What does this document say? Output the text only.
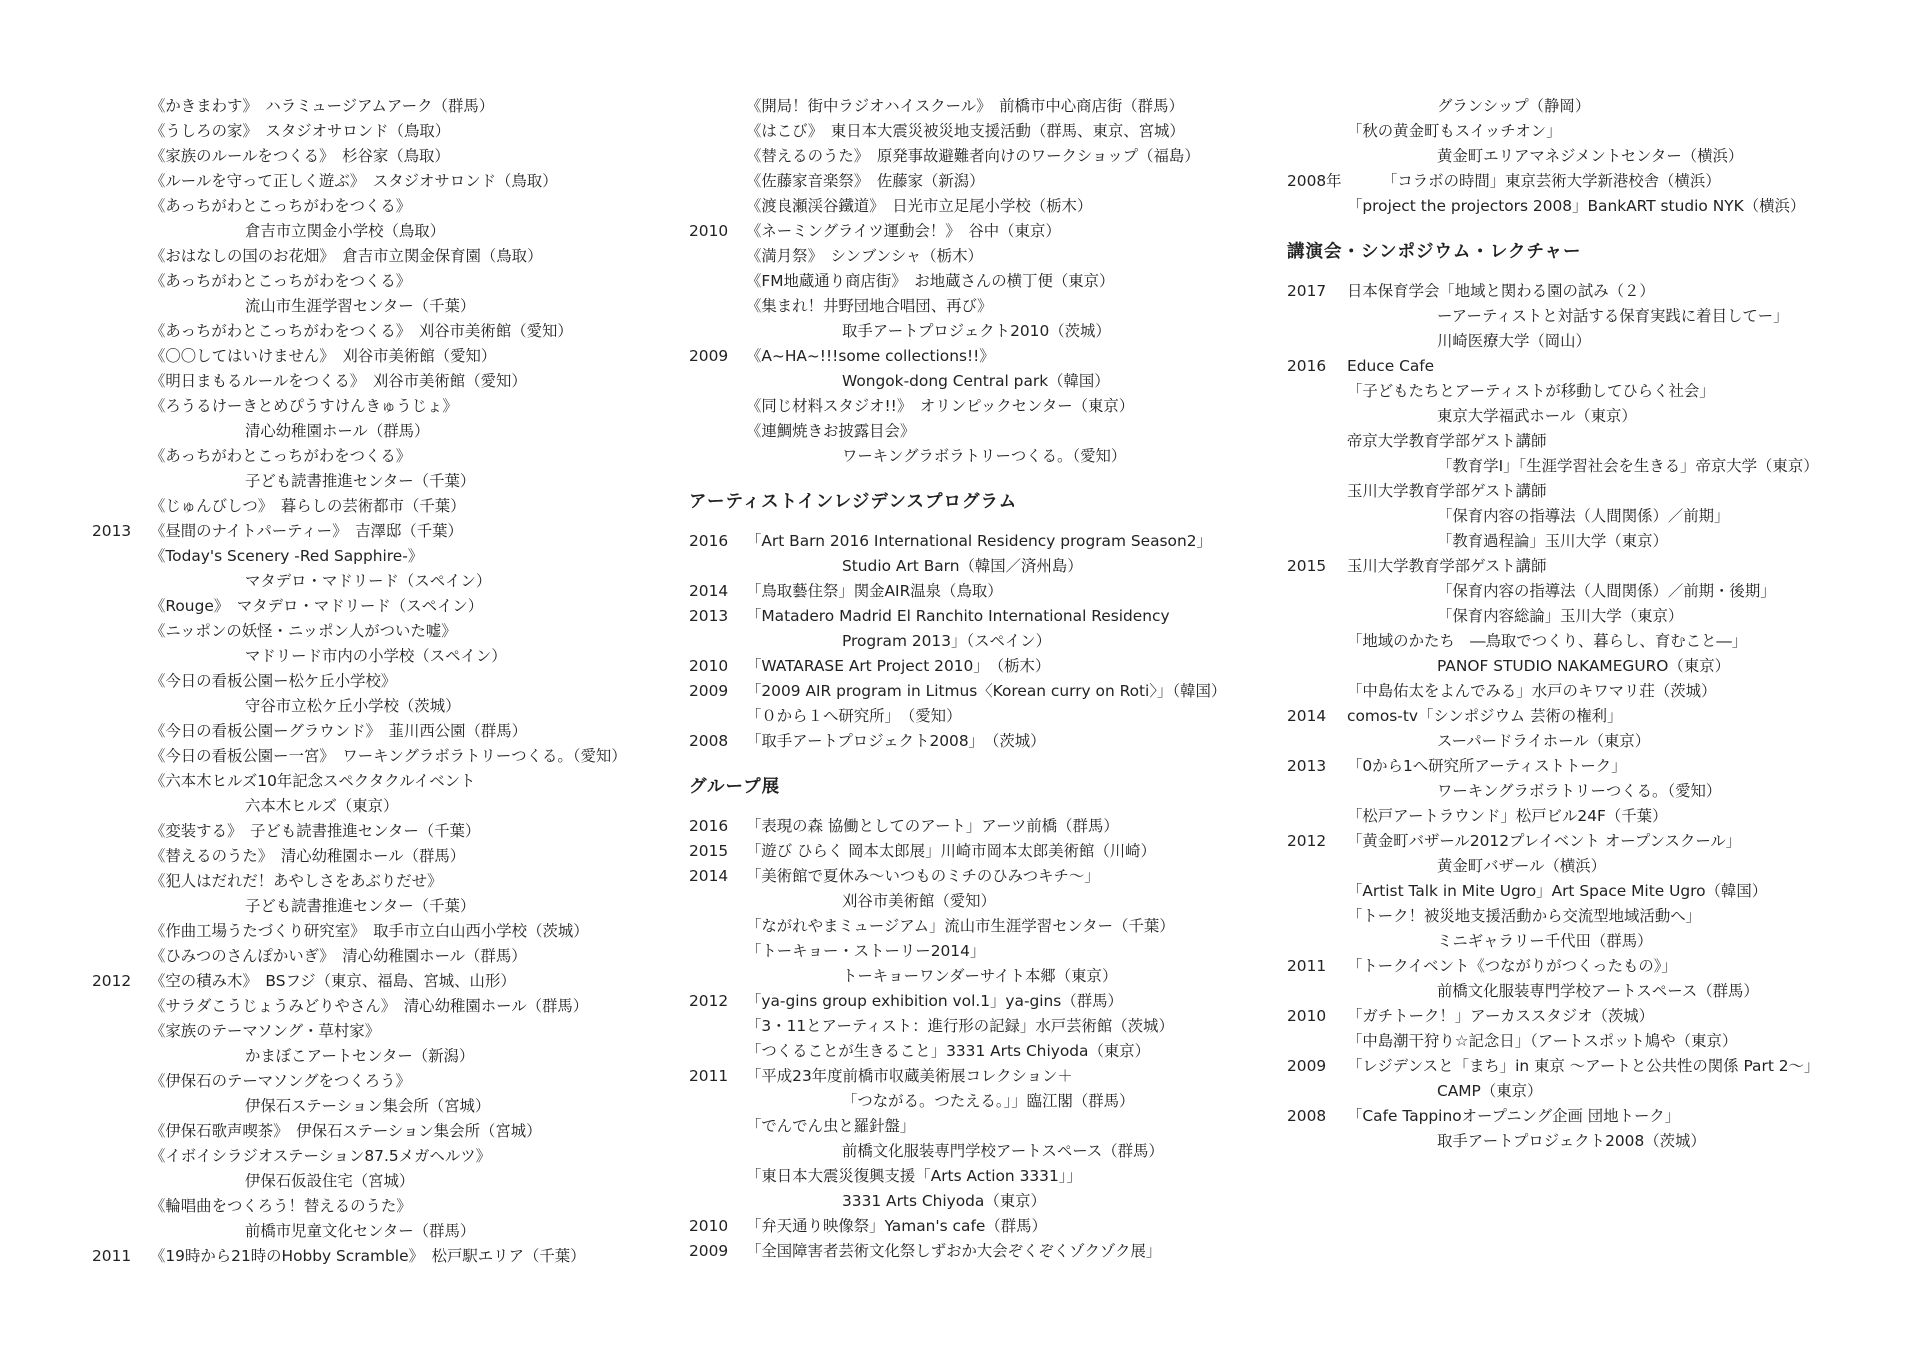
《かきまわす》　ハラミュージアムアーク（群馬）
《うしろの家》　スタジオサロンド（鳥取）
《家族のルールをつくる》　杉谷家（鳥取）
《ルールを守って正しく遊ぶ》　スタジオサロンド（鳥取）
《あっちがわとこっちがわをつくる》
倉吉市立関金小学校（鳥取）
《おはなしの国のお花畑》　倉吉市立関金保育園（鳥取）
《あっちがわとこっちがわをつくる》
流山市生涯学習センター（千葉）
《あっちがわとこっちがわをつくる》　刈谷市美術館（愛知）
《〇〇してはいけません》　刈谷市美術館（愛知）
《明日まもるルールをつくる》　刈谷市美術館（愛知）
《ろうるけーきとめぴうすけんきゅうじょ》
清心幼稚園ホール（群馬）
《あっちがわとこっちがわをつくる》
子ども読書推進センター（千葉）
《じゅんびしつ》　暮らしの芸術都市（千葉）
2013 《昼間のナイトパーティー》　吉澤邸（千葉）
《Today's Scenery -Red Sapphire-》
マタデロ・マドリード（スペイン）
《Rouge》　マタデロ・マドリード（スペイン）
《ニッポンの妖怪・ニッポン人がついた嘘》
マドリード市内の小学校（スペイン）
《今日の看板公園ー松ケ丘小学校》
守谷市立松ケ丘小学校（茨城）
《今日の看板公園ーグラウンド》　韮川西公園（群馬）
《今日の看板公園ー一宮》　ワーキングラボラトリーつくる。（愛知）
《六本木ヒルズ10年記念スペクタクルイベント
六本木ヒルズ（東京）
《変装する》　子ども読書推進センター（千葉）
《替えるのうた》　清心幼稚園ホール（群馬）
《犯人はだれだ！あやしさをあぶりだせ》
子ども読書推進センター（千葉）
《作曲工場うたづくり研究室》　取手市立白山西小学校（茨城）
《ひみつのさんぽかいぎ》　清心幼稚園ホール（群馬）
2012 《空の積み木》　BSフジ（東京、福島、宮城、山形）
《サラダこうじょうみどりやさん》　清心幼稚園ホール（群馬）
《家族のテーマソング・草村家》
かまぼこアートセンター（新潟）
《伊保石のテーマソングをつくろう》
伊保石ステーション集会所（宮城）
《伊保石歌声喫茶》　伊保石ステーション集会所（宮城）
《イボイシラジオステーション87.5メガヘルツ》
伊保石仮設住宅（宮城）
《輪唱曲をつくろう！替えるのうた》
前橋市児童文化センター（群馬）
2011 《19時から21時のHobby Scramble》　松戸駅エリア（千葉）
《開局！街中ラジオハイスクール》　前橋市中心商店街（群馬）
《はこび》　東日本大震災被災地支援活動（群馬、東京、宮城）
《替えるのうた》　原発事故避難者向けのワークショップ（福島）
《佐藤家音楽祭》　佐藤家（新潟）
《渡良瀬渓谷鐵道》　日光市立足尾小学校（栃木）
2010 《ネーミングライツ運動会！》　谷中（東京）
《満月祭》　シンブンシャ（栃木）
《FM地蔵通り商店街》　お地蔵さんの横丁便（東京）
《集まれ！井野団地合唱団、再び》
取手アートプロジェクト2010（茨城）
2009 《A~HA~!!!some collections!!》
Wongok-dong Central park（韓国）
《同じ材料スタジオ!!》　オリンピックセンター（東京）
《連鯛焼きお披露目会》
ワーキングラボラトリーつくる。（愛知）
アーティストインレジデンスプログラム
2016 「Art Barn 2016 International Residency program Season2」
Studio Art Barn（韓国／済州島）
2014 「鳥取藝住祭」関金AIR温泉（鳥取）
2013 「Matadero Madrid El Ranchito International Residency
Program 2013」（スペイン）
2010 「WATARASE Art Project 2010」　（栃木）
2009 「2009 AIR program in Litmus〈Korean curry on Roti〉」（韓国）
「０から１へ研究所」　（愛知）
2008 「取手アートプロジェクト2008」　（茨城）
グループ展
2016 「表現の森 協働としてのアート」アーツ前橋（群馬）
2015 「遊び ひらく 岡本太郎展」川崎市岡本太郎美術館（川崎）
2014 「美術館で夏休み〜いつものミチのひみつキチ〜」
刈谷市美術館（愛知）
「ながれやまミュージアム」流山市生涯学習センター（千葉）
「トーキョー・ストーリー2014」
トーキョーワンダーサイト本郷（東京）
2012 「ya-gins group exhibition vol.1」ya-gins（群馬）
「3・11とアーティスト：進行形の記録」水戸芸術館（茨城）
「つくることが生きること」3331 Arts Chiyoda（東京）
2011 「平成23年度前橋市収蔵美術展コレクション＋
「つながる。つたえる。」」臨江閣（群馬）
「でんでん虫と羅針盤」
前橋文化服装専門学校アートスペース（群馬）
「東日本大震災復興支援「Arts Action 3331」」
3331 Arts Chiyoda（東京）
2010 「弁天通り映像祭」Yaman's cafe（群馬）
2009 「全国障害者芸術文化祭しずおか大会ぞくぞくゾクゾク展」
グランシップ（静岡）
「秋の黄金町もスイッチオン」
黄金町エリアマネジメントセンター（横浜）
2008年	「コラボの時間」東京芸術大学新港校舎（横浜）
「project the projectors 2008」BankART studio NYK（横浜）
講演会・シンポジウム・レクチャー
2017 日本保育学会「地域と関わる園の試み（２）
ーアーティストと対話する保育実践に着目してー」
川崎医療大学（岡山）
2016 Educe Cafe
「子どもたちとアーティストが移動してひらく社会」
東京大学福武ホール（東京）
帝京大学教育学部ゲスト講師
「教育学Ⅰ」「生涯学習社会を生きる」帝京大学（東京）
玉川大学教育学部ゲスト講師
「保育内容の指導法（人間関係）／前期」
「教育過程論」玉川大学（東京）
2015 玉川大学教育学部ゲスト講師
「保育内容の指導法（人間関係）／前期・後期」
「保育内容総論」玉川大学（東京）
「地域のかたち　―鳥取でつくり、暮らし、育むこと―」
PANOF STUDIO NAKAMEGURO（東京）
「中島佑太をよんでみる」水戸のキワマリ荘（茨城）
2014 comos-tv「シンポジウム 芸術の権利」
スーパードライホール（東京）
2013 「0から1へ研究所アーティストトーク」
ワーキングラボラトリーつくる。（愛知）
「松戸アートラウンド」松戸ビル24F（千葉）
2012 「黄金町バザール2012プレイベント オープンスクール」
黄金町バザール（横浜）
「Artist Talk in Mite Ugro」Art Space Mite Ugro（韓国）
「トーク！被災地支援活動から交流型地域活動へ」
ミニギャラリー千代田（群馬）
2011 「トークイベント《つながりがつくったもの》」
前橋文化服装専門学校アートスペース（群馬）
2010 「ガチトーク！」アーカススタジオ（茨城）
「中島潮干狩り☆記念日」（アートスポット鳩や（東京）
2009 「レジデンスと「まち」in 東京 〜アートと公共性の関係 Part 2〜」
CAMP（東京）
2008 「Cafe Tappinoオープニング企画 団地トーク」
取手アートプロジェクト2008（茨城）
